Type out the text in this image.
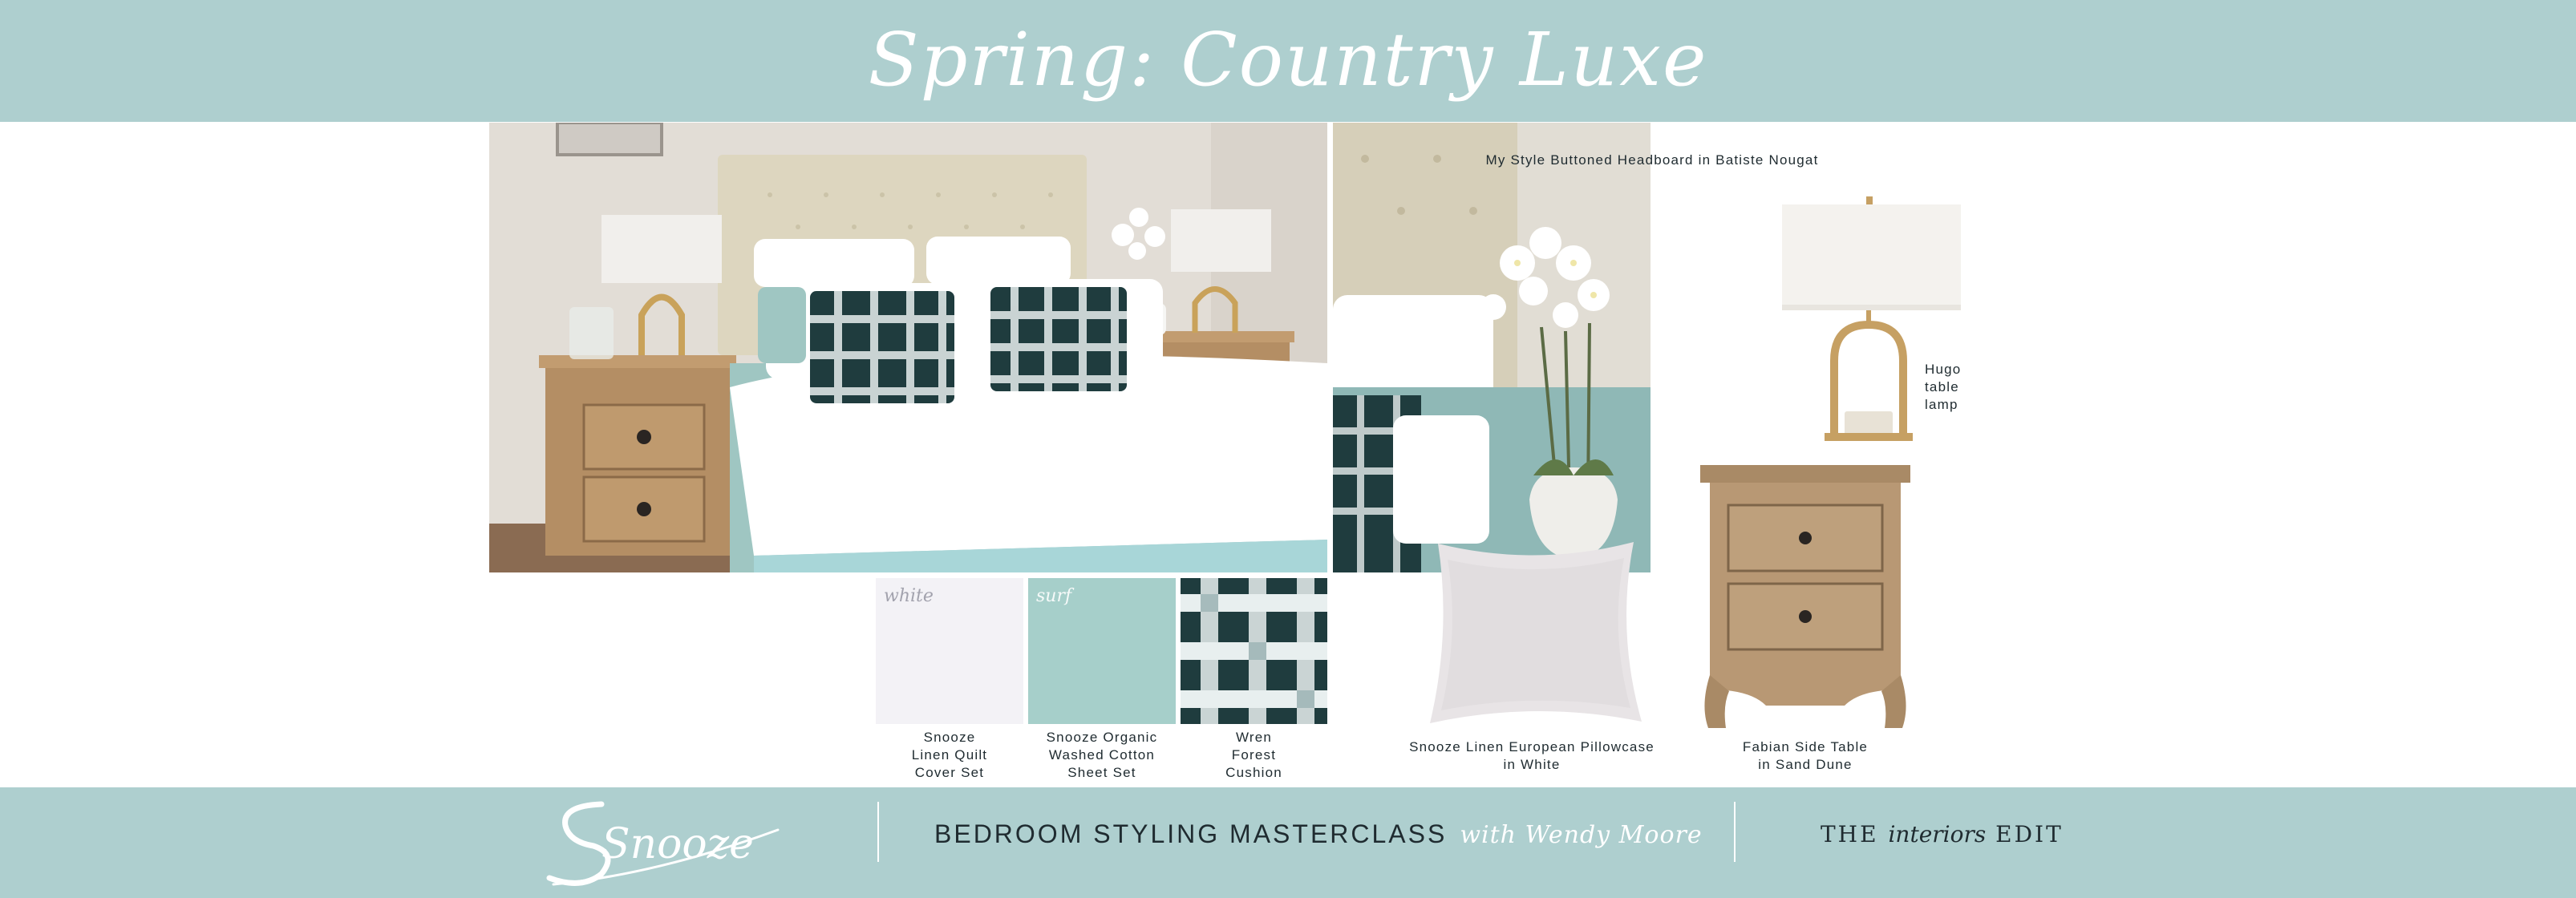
Spring: Country Luxe
white	surf
Snooze
Linen Quilt
Cover Set
Snooze Organic
Washed Cotton
Sheet Set
Wren
Forest
Cushion
My Style Buttoned Headboard in Batiste Nougat
Hugo
table
lamp
Snooze Linen European Pillowcase
in White
Fabian Side Table
in Sand Dune
Snooze	BEDROOM STYLING MASTERCLASS with Wendy Moore	THE interiors EDIT
